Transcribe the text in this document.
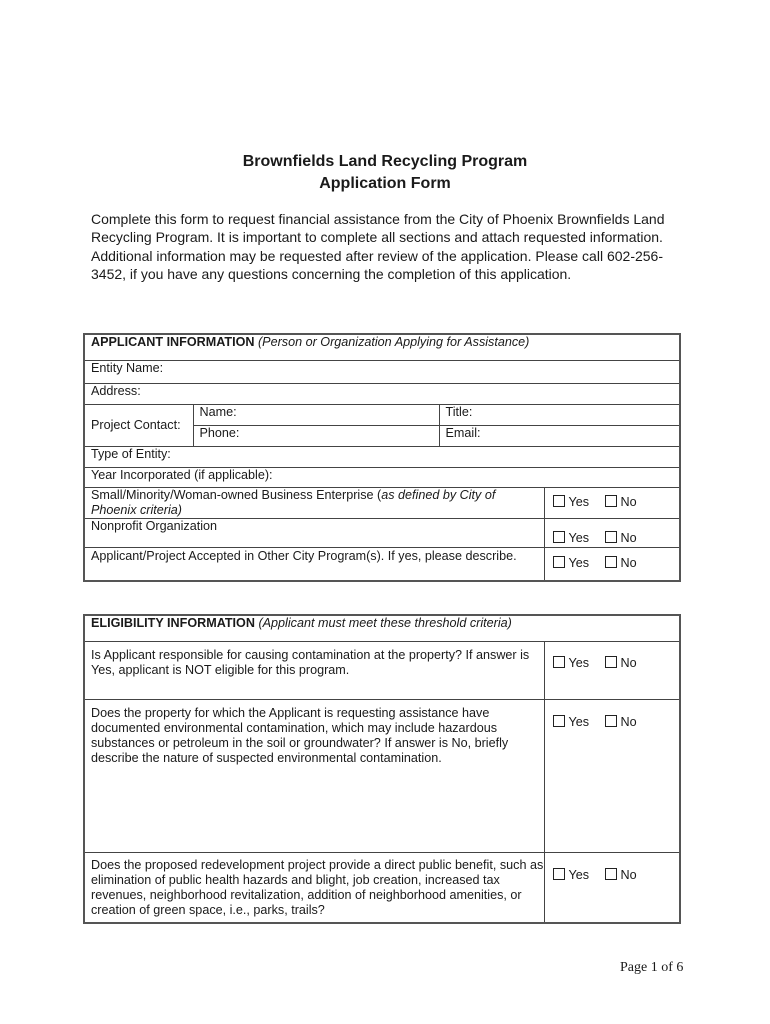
Brownfields Land Recycling Program
Application Form
Complete this form to request financial assistance from the City of Phoenix Brownfields Land Recycling Program. It is important to complete all sections and attach requested information. Additional information may be requested after review of the application. Please call 602-256-3452, if you have any questions concerning the completion of this application.
APPLICANT INFORMATION (Person or Organization Applying for Assistance)			
Entity Name:			
Address:			
Project Contact:	Name:	Title:	
	Phone:	Email:	
Type of Entity:			
Year Incorporated (if applicable):			
Small/Minority/Woman-owned Business Enterprise (as defined by City of Phoenix criteria)			Yes No
Nonprofit Organization			Yes No
Applicant/Project Accepted in Other City Program(s). If yes, please describe.			Yes No
ELIGIBILITY INFORMATION (Applicant must meet these threshold criteria)	
Is Applicant responsible for causing contamination at the property? If answer is Yes, applicant is NOT eligible for this program.	Yes No
Does the property for which the Applicant is requesting assistance have documented environmental contamination, which may include hazardous substances or petroleum in the soil or groundwater? If answer is No, briefly describe the nature of suspected environmental contamination.	Yes No
Does the proposed redevelopment project provide a direct public benefit, such as elimination of public health hazards and blight, job creation, increased tax revenues, neighborhood revitalization, addition of neighborhood amenities, or creation of green space, i.e., parks, trails?	Yes No
Page 1 of 6
